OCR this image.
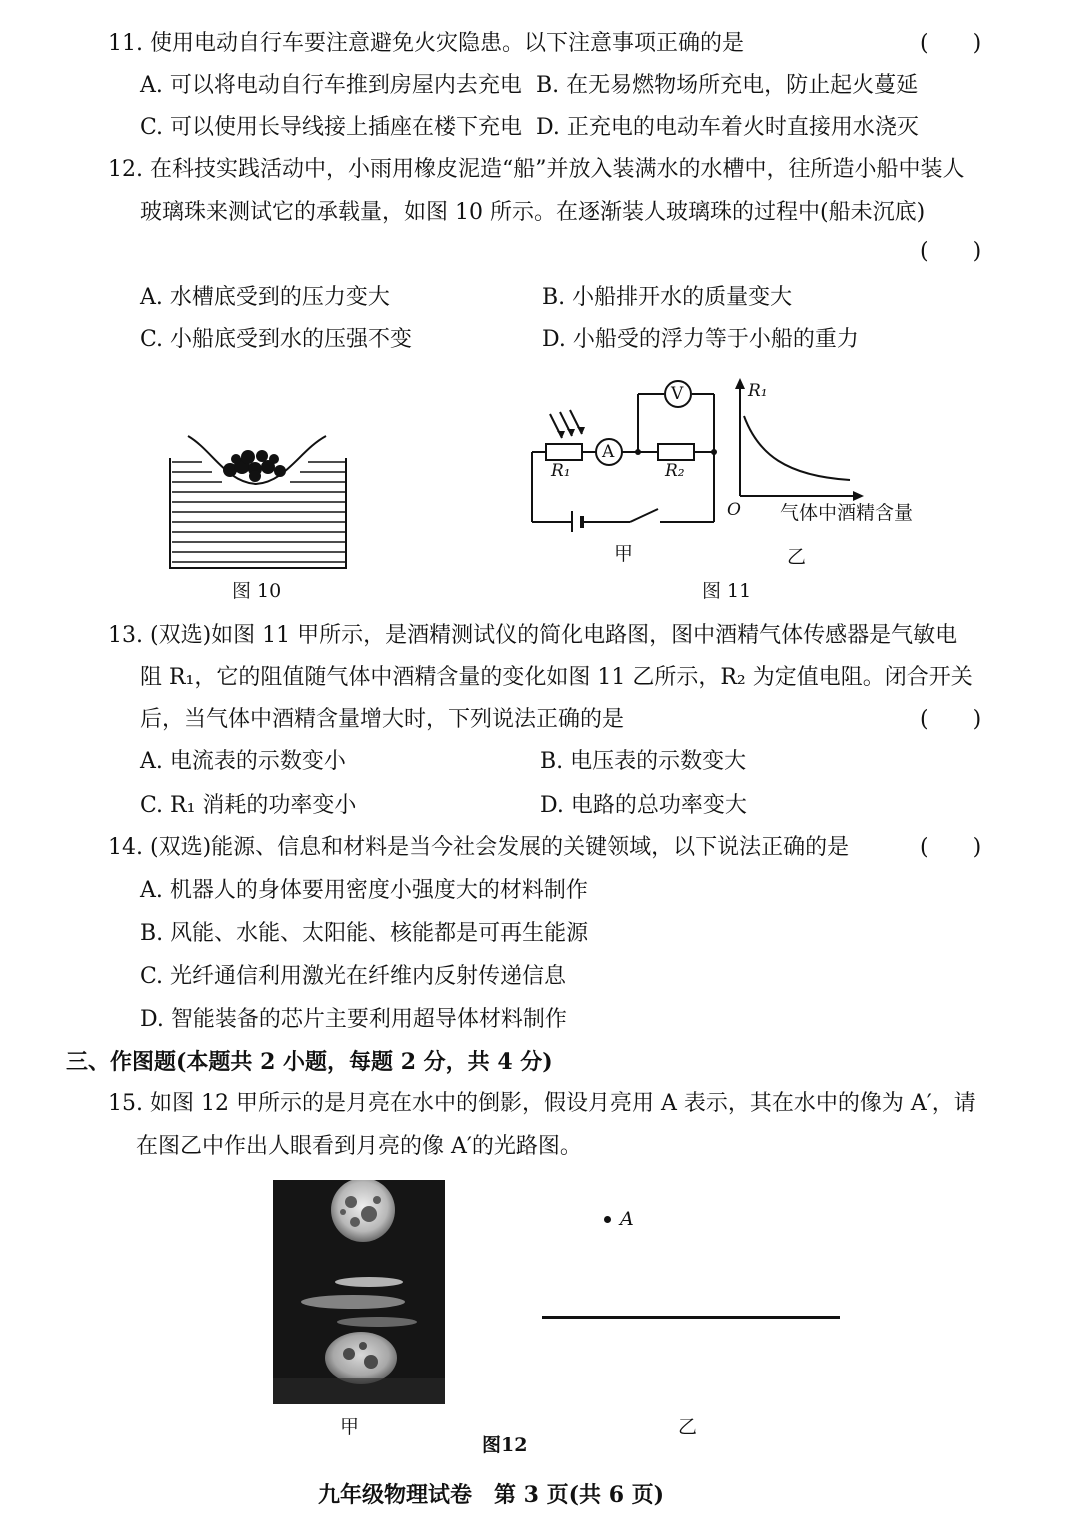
11. 使用电动自行车要注意避免火灾隐患。以下注意事项正确的是	(　　)
A. 可以将电动自行车推到房屋内去充电 B. 在无易燃物场所充电，防止起火蔓延
C. 可以使用长导线接上插座在楼下充电 D. 正充电的电动车着火时直接用水浇灭
12. 在科技实践活动中，小雨用橡皮泥造“船”并放入装满水的水槽中，往所造小船中装人
玻璃珠来测试它的承载量，如图 10 所示。在逐渐装人玻璃珠的过程中(船未沉底)
(　　)
A. 水槽底受到的压力变大	B. 小船排开水的质量变大
C. 小船底受到水的压强不变	D. 小船受的浮力等于小船的重力
图 10
V
A
R₁	R₂
甲
R₁
O 气体中酒精含量
乙
图 11
13. (双选)如图 11 甲所示，是酒精测试仪的简化电路图，图中酒精气体传感器是气敏电
阻 R₁，它的阻值随气体中酒精含量的变化如图 11 乙所示，R₂ 为定值电阻。闭合开关
后，当气体中酒精含量增大时，下列说法正确的是	(　　)
A. 电流表的示数变小	B. 电压表的示数变大
C. R₁ 消耗的功率变小	D. 电路的总功率变大
14. (双选)能源、信息和材料是当今社会发展的关键领域，以下说法正确的是	(　　)
A. 机器人的身体要用密度小强度大的材料制作
B. 风能、水能、太阳能、核能都是可再生能源
C. 光纤通信利用激光在纤维内反射传递信息
D. 智能装备的芯片主要利用超导体材料制作
三、作图题(本题共 2 小题，每题 2 分，共 4 分)
15. 如图 12 甲所示的是月亮在水中的倒影，假设月亮用 A 表示，其在水中的像为 A′，请
在图乙中作出人眼看到月亮的像 A′的光路图。
甲
A
乙
图12
九年级物理试卷　第 3 页(共 6 页)
